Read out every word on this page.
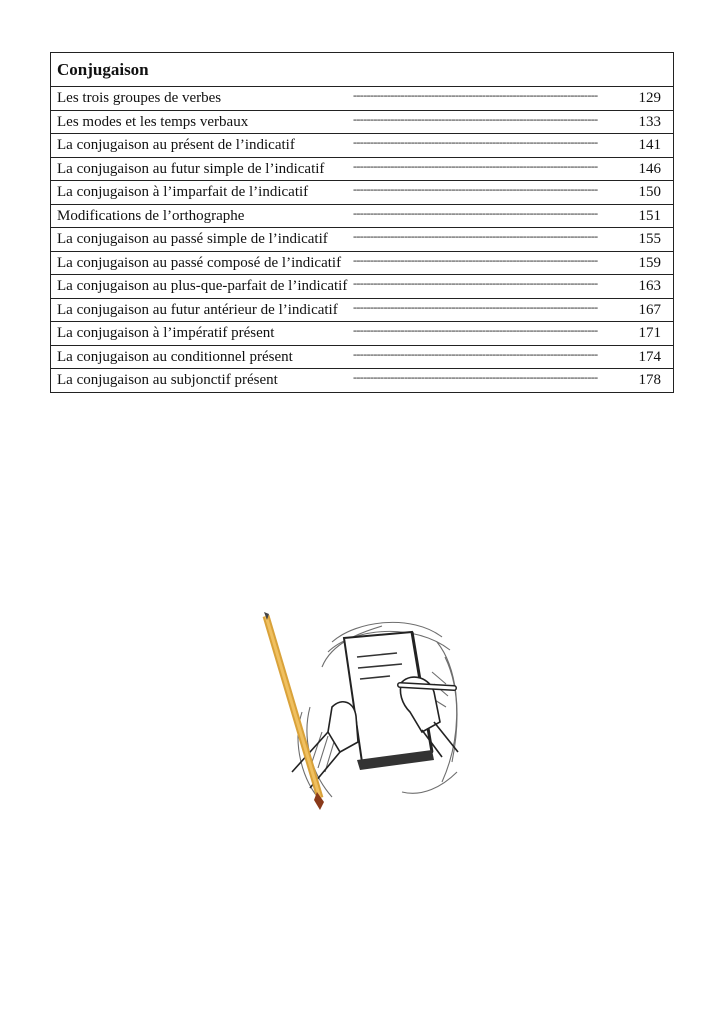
Conjugaison

Les trois groupes de verbes	------------------------------------------------------------------------	129

Les modes et les temps verbaux	------------------------------------------------------------------------	133

La conjugaison au présent de l’indicatif	------------------------------------------------------------------------	141

La conjugaison au futur simple de l’indicatif	------------------------------------------------------------------------	146

La conjugaison à l’imparfait de l’indicatif	------------------------------------------------------------------------	150

Modifications de l’orthographe	------------------------------------------------------------------------	151

La conjugaison au passé simple de l’indicatif	------------------------------------------------------------------------	155

La conjugaison au passé composé de l’indicatif ------------------------------------------------------------------------	159

La conjugaison au plus-que-parfait de l’indicatif ------------------------------------------------------------------------	163

La conjugaison au futur antérieur de l’indicatif	------------------------------------------------------------------------	167

La conjugaison à l’impératif présent	------------------------------------------------------------------------	171

La conjugaison au conditionnel présent	------------------------------------------------------------------------	174

La conjugaison au subjonctif présent	------------------------------------------------------------------------	178
